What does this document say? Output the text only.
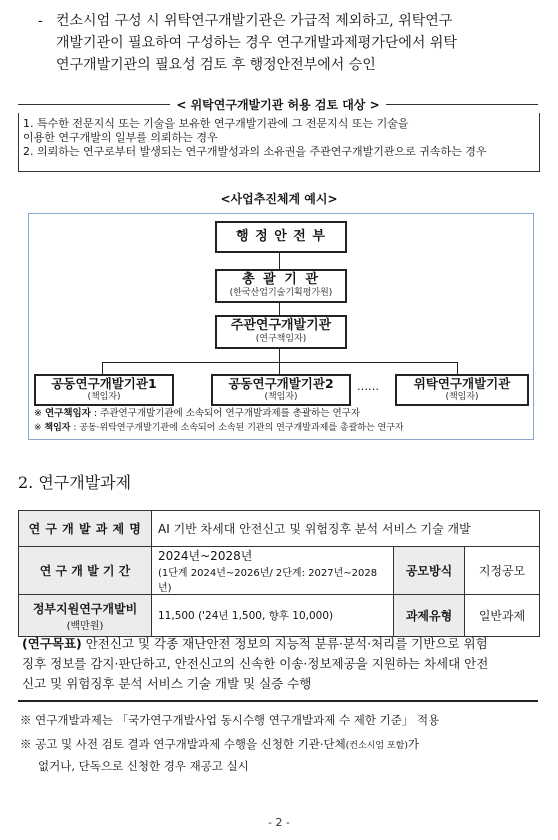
- 컨소시엄 구성 시 위탁연구개발기관은 가급적 제외하고, 위탁연구
개발기관이 필요하여 구성하는 경우 연구개발과제평가단에서 위탁
연구개발기관의 필요성 검토 후 행정안전부에서 승인
< 위탁연구개발기관 허용 검토 대상 >
1. 특수한 전문지식 또는 기술을 보유한 연구개발기관에 그 전문지식 또는 기술을
이용한 연구개발의 일부를 의뢰하는 경우
2. 의뢰하는 연구로부터 발생되는 연구개발성과의 소유권을 주관연구개발기관으로 귀속하는 경우
<사업추진체계 예시>
행 정 안 전 부
총 괄 기 관
(한국산업기술기획평가원)
주관연구개발기관
(연구책임자)
공동연구개발기관1
(책임자)
공동연구개발기관2
(책임자)
……	위탁연구개발기관
(책임자)
※ 연구책임자 : 주관연구개발기관에 소속되어 연구개발과제를 총괄하는 연구자
※ 책임자 : 공동·위탁연구개발기관에 소속되어 소속된 기관의 연구개발과제를 총괄하는 연구자
2. 연구개발과제
연 구 개 발 과 제 명	AI 기반 차세대 안전신고 및 위험징후 분석 서비스 기술 개발		
연 구 개 발 기 간	2024년~2028년
(1단계 2024년~2026년/ 2단계: 2027년~2028년)	공모방식	지정공모

정부지원연구개발비
(백만원)	11,500 ('24년 1,500, 향후 10,000)	과제유형	일반과제
(연구목표) 안전신고 및 각종 재난안전 정보의 지능적 분류·분석·처리를 기반으로 위험
징후 정보를 감지·판단하고, 안전신고의 신속한 이송·정보제공을 지원하는 차세대 안전
신고 및 위험징후 분석 서비스 기술 개발 및 실증 수행
※ 연구개발과제는 「국가연구개발사업 동시수행 연구개발과제 수 제한 기준」 적용
※ 공고 및 사전 검토 결과 연구개발과제 수행을 신청한 기관·단체(컨소시엄 포함)가
없거나, 단독으로 신청한 경우 재공고 실시
- 2 -
